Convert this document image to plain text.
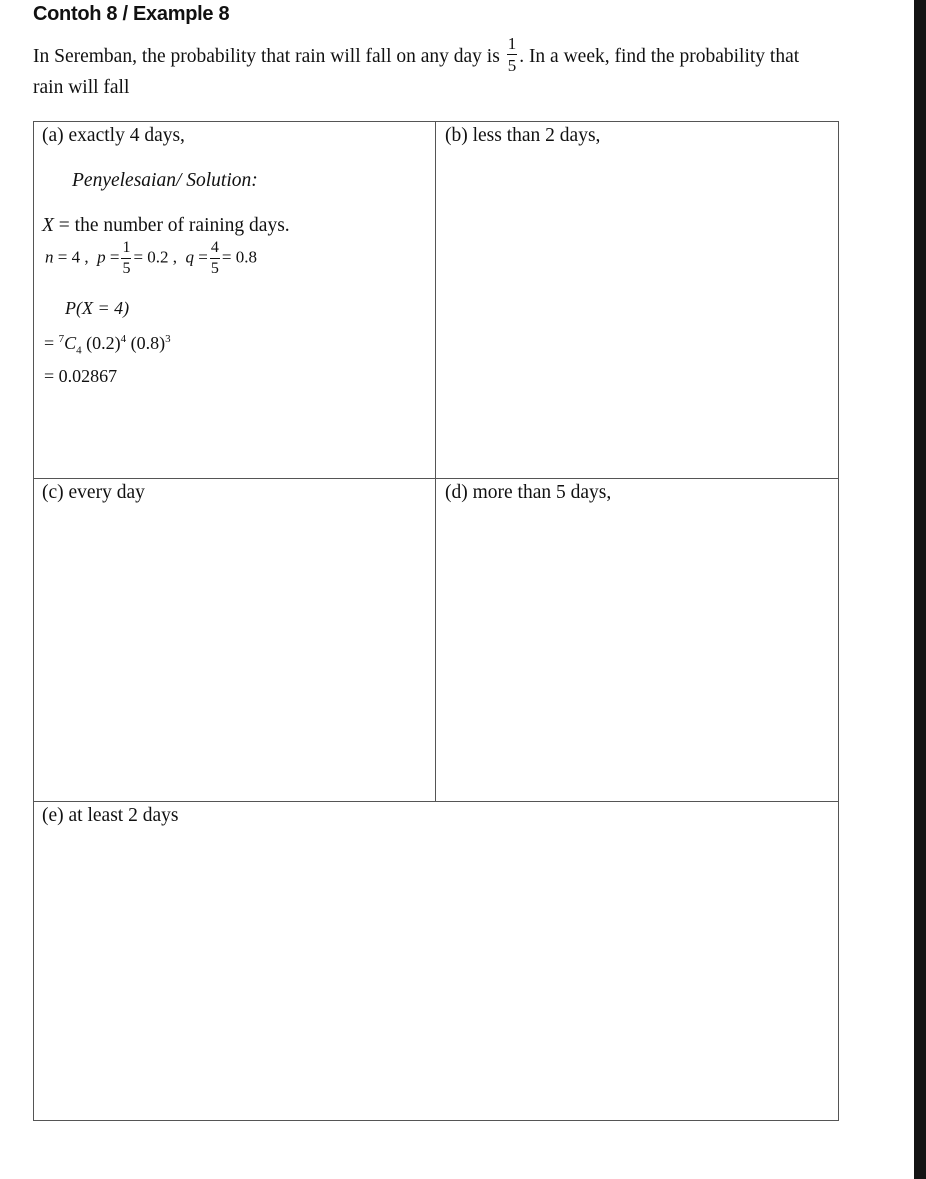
Contoh 8 / Example 8
In Seremban, the probability that rain will fall on any day is $\frac{1}{5}$ . In a week, find the probability that
rain will fall
(a) exactly 4 days,	(b) less than 2 days,
(c) every day	(d) more than 5 days,
(e) at least 2 days
Penyelesaian/ Solution:
X = the number of raining days.
n = 4 , $p = \frac{1}{5} = 0.2$ , $q = \frac{4}{5} = 0.8$
P(X = 4)
= $^7C_4$ $(0.2)^4$ $(0.8)^3$
= 0.02867
